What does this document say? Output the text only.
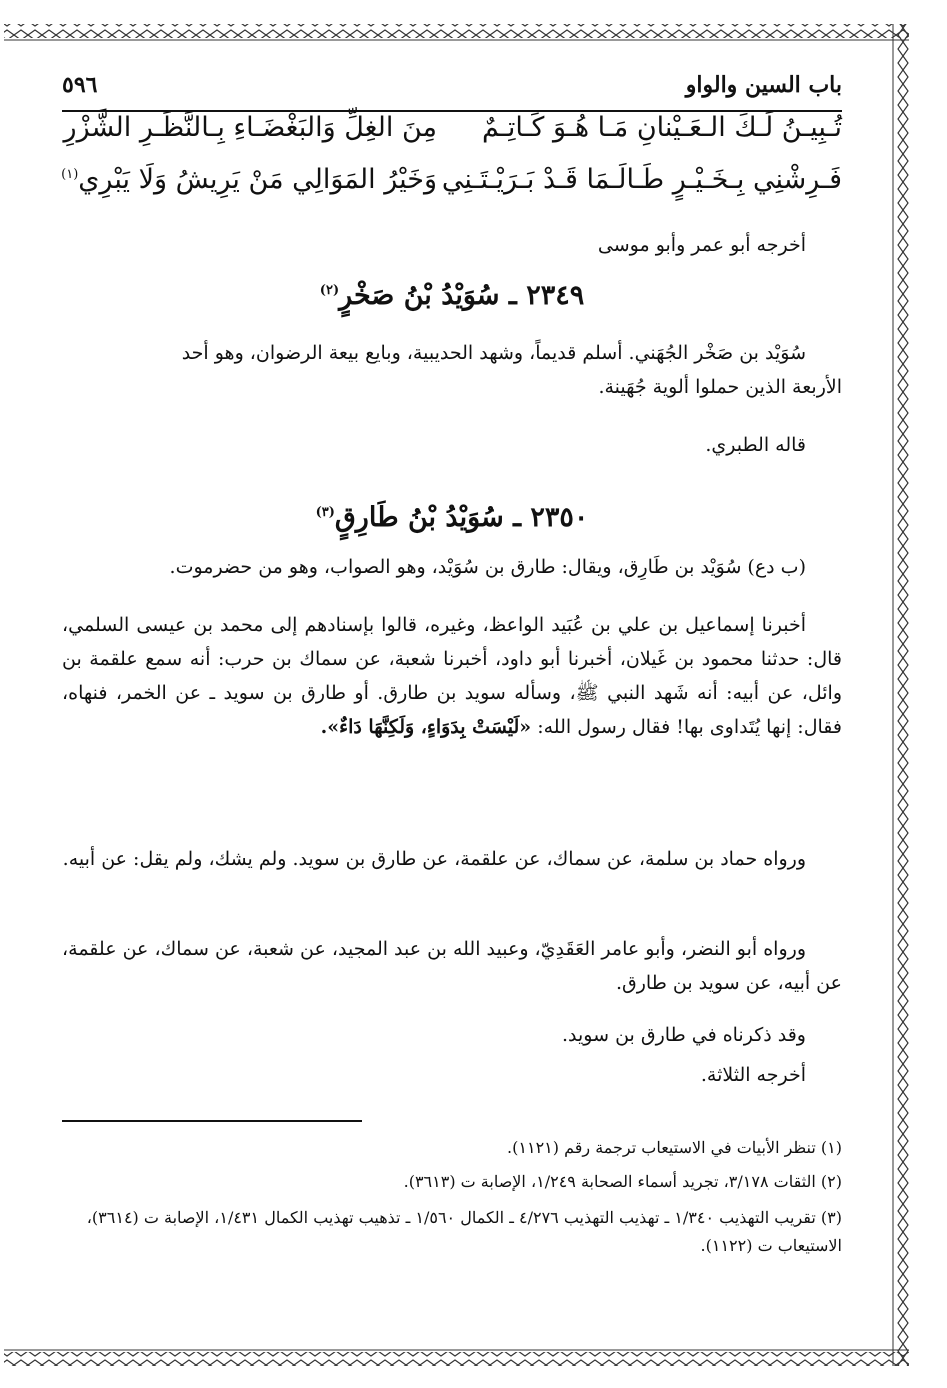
باب السين والواو
٥٩٦
تُـبِيـنُ لَـكَ الـعَـيْنانِ مَـا هُـوَ كَـاتِـمٌ
مِنَ الغِلِّ وَالبَغْضَـاءِ بِـالنَّظَـرِ الشَّزْرِ
فَـرِشْنِي بِـخَـيْـرٍ طَـالَـمَا قَـدْ بَـرَيْـتَـنِي
وَخَيْرُ المَوَالِي مَنْ يَرِيشُ وَلَا يَبْرِي$^{(١)}$
أخرجه أبو عمر وأبو موسى
٢٣٤٩ ـ سُوَيْدُ بْنُ صَخْرٍ$^{(٢)}$
سُوَيْد بن صَخْر الجُهَني. أسلم قديماً، وشهد الحديبية، وبايع بيعة الرضوان، وهو أحد
الأربعة الذين حملوا ألوية جُهَينة.
قاله الطبري.
٢٣٥٠ ـ سُوَيْدُ بْنُ طَارِقٍ$^{(٣)}$
(ب دع) سُوَيْد بن طَارِق، ويقال: طارق بن سُوَيْد، وهو الصواب، وهو من حضرموت.
أخبرنا إسماعيل بن علي بن عُبَيد الواعظ، وغيره، قالوا بإسنادهم إلى محمد بن عيسى السلمي، قال: حدثنا محمود بن غَيلان، أخبرنا أبو داود، أخبرنا شعبة، عن سماك بن حرب: أنه سمع علقمة بن وائل، عن أبيه: أنه شَهد النبي ﷺ، وسأله سويد بن طارق. أو طارق بن سويد ـ عن الخمر، فنهاه، فقال: إنها يُتَداوى بها! فقال رسول الله: «لَيْسَتْ بِدَوَاءٍ، وَلَكِنَّهَا دَاءٌ».
ورواه حماد بن سلمة، عن سماك، عن علقمة، عن طارق بن سويد. ولم يشك، ولم يقل: عن أبيه.
ورواه أبو النضر، وأبو عامر العَقَدِيّ، وعبيد الله بن عبد المجيد، عن شعبة، عن سماك، عن علقمة، عن أبيه، عن سويد بن طارق.
وقد ذكرناه في طارق بن سويد.
أخرجه الثلاثة.
(١) تنظر الأبيات في الاستيعاب ترجمة رقم (١١٢١).
(٢) الثقات ٣/١٧٨، تجريد أسماء الصحابة ١/٢٤٩، الإصابة ت (٣٦١٣).
(٣) تقريب التهذيب ١/٣٤٠ ـ تهذيب التهذيب ٤/٢٧٦ ـ الكمال ١/٥٦٠ ـ تذهيب تهذيب الكمال ١/٤٣١، الإصابة ت (٣٦١٤)، الاستيعاب ت (١١٢٢).
